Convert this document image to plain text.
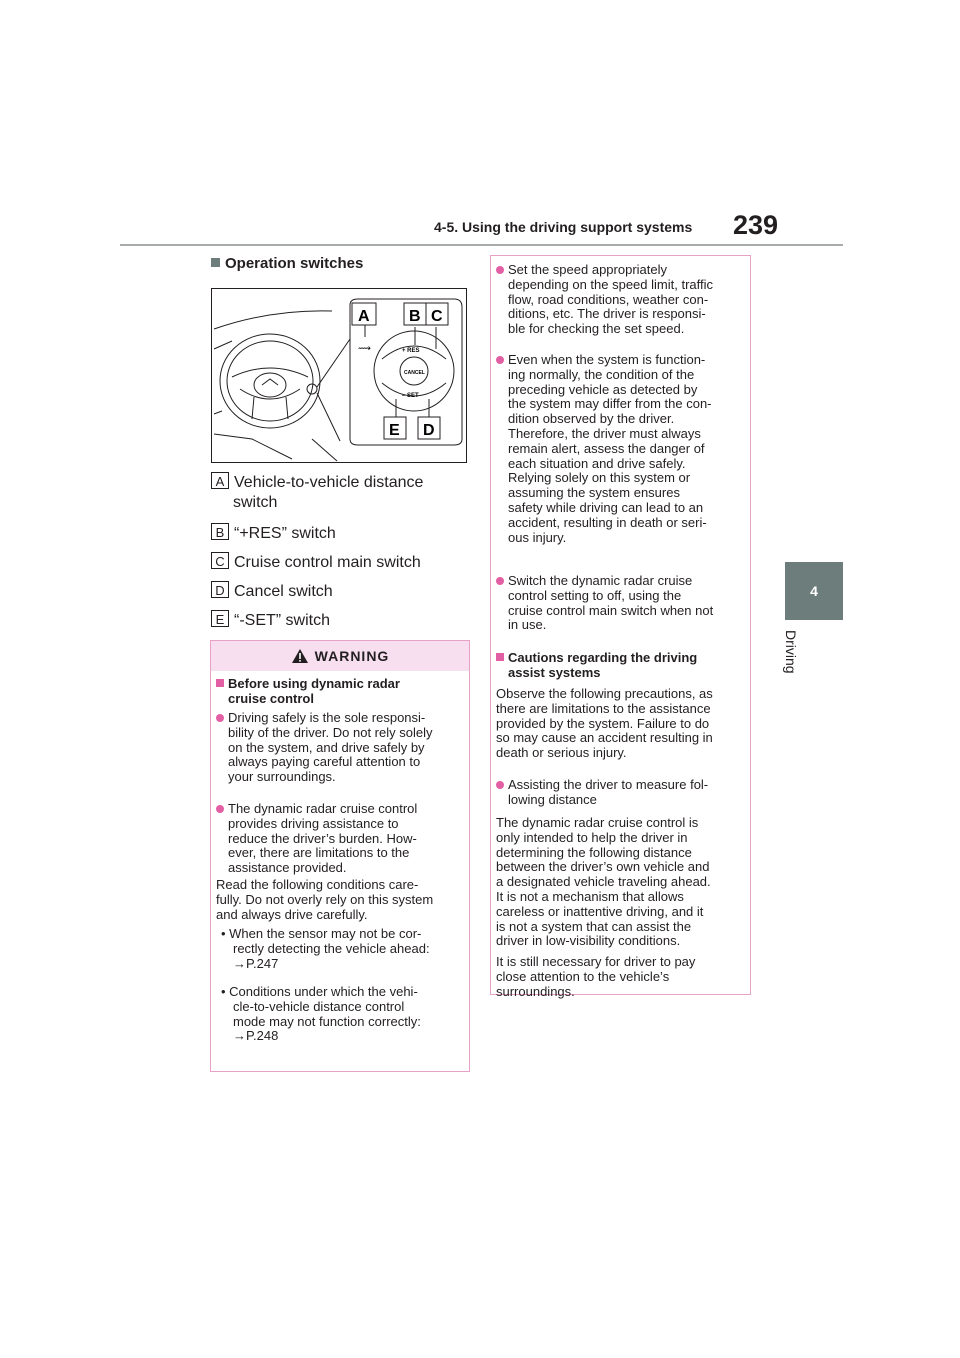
4-5. Using the driving support systems 239
4
Driving
Operation switches
⟿
A B C
E D
+ RES
CANCEL
– SET
A Vehicle-to-vehicle distance
switch
B “+RES” switch
C Cruise control main switch
D Cancel switch
E “-SET” switch
WARNING
Before using dynamic radar
cruise control
Driving safely is the sole responsi-
bility of the driver. Do not rely solely
on the system, and drive safely by
always paying careful attention to
your surroundings.
The dynamic radar cruise control
provides driving assistance to
reduce the driver’s burden. How-
ever, there are limitations to the
assistance provided.
Read the following conditions care-
fully. Do not overly rely on this system
and always drive carefully.
• When the sensor may not be cor-
rectly detecting the vehicle ahead:
→P.247
• Conditions under which the vehi-
cle-to-vehicle distance control
mode may not function correctly:
→P.248
Set the speed appropriately
depending on the speed limit, traffic
flow, road conditions, weather con-
ditions, etc. The driver is responsi-
ble for checking the set speed.
Even when the system is function-
ing normally, the condition of the
preceding vehicle as detected by
the system may differ from the con-
dition observed by the driver.
Therefore, the driver must always
remain alert, assess the danger of
each situation and drive safely.
Relying solely on this system or
assuming the system ensures
safety while driving can lead to an
accident, resulting in death or seri-
ous injury.
Switch the dynamic radar cruise
control setting to off, using the
cruise control main switch when not
in use.
Cautions regarding the driving
assist systems
Observe the following precautions, as
there are limitations to the assistance
provided by the system. Failure to do
so may cause an accident resulting in
death or serious injury.
Assisting the driver to measure fol-
lowing distance
The dynamic radar cruise control is
only intended to help the driver in
determining the following distance
between the driver’s own vehicle and
a designated vehicle traveling ahead.
It is not a mechanism that allows
careless or inattentive driving, and it
is not a system that can assist the
driver in low-visibility conditions.
It is still necessary for driver to pay
close attention to the vehicle’s
surroundings.
